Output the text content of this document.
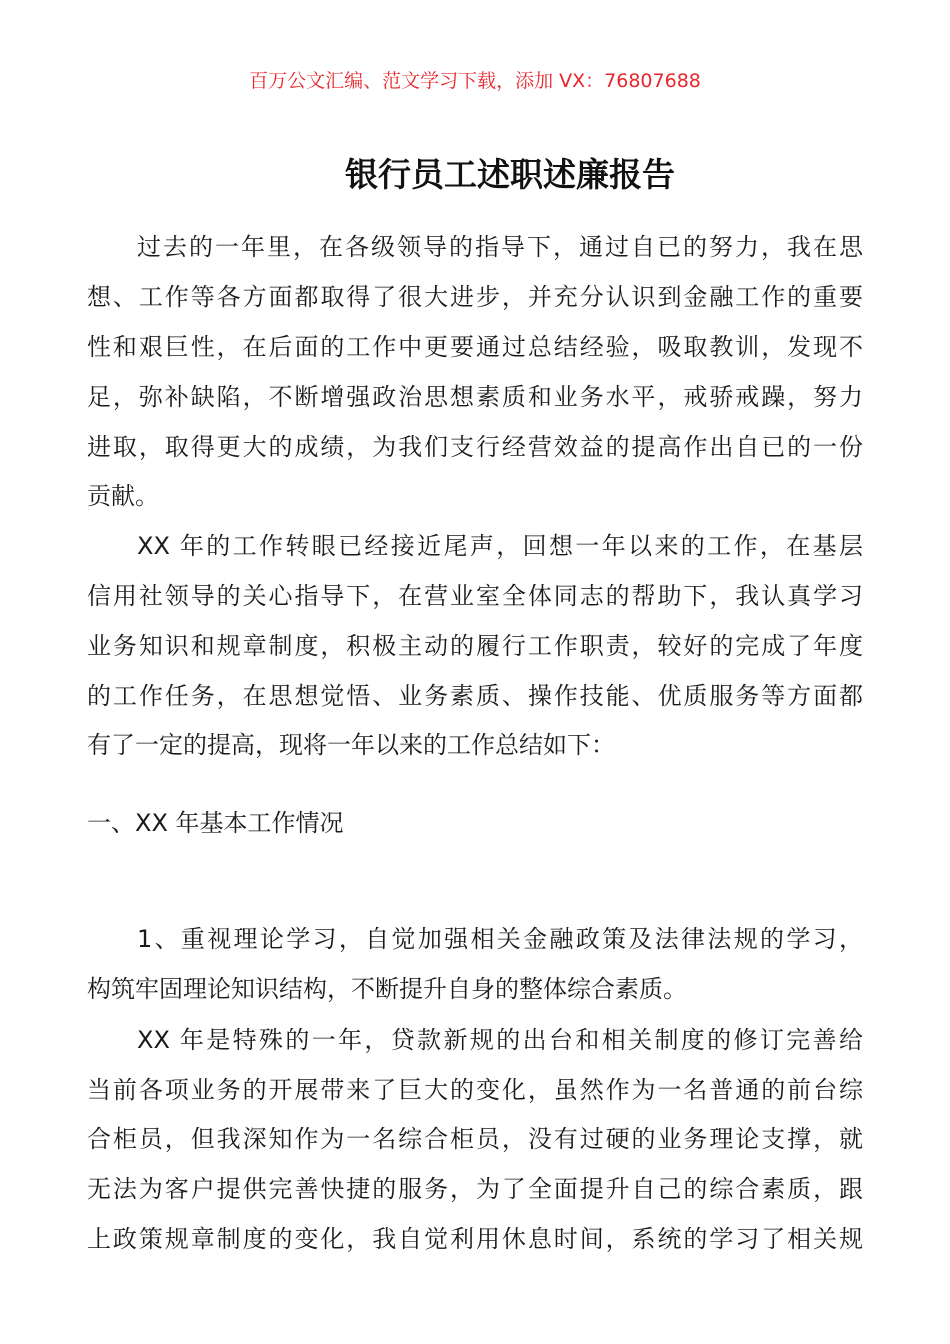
百万公文汇编、范文学习下载，添加 VX：76807688
银行员工述职述廉报告
过去的一年里，在各级领导的指导下，通过自已的努力，我在思
想、工作等各方面都取得了很大进步，并充分认识到金融工作的重要
性和艰巨性，在后面的工作中更要通过总结经验，吸取教训，发现不
足，弥补缺陷，不断增强政治思想素质和业务水平，戒骄戒躁，努力
进取，取得更大的成绩，为我们支行经营效益的提高作出自已的一份
贡献。
XX 年的工作转眼已经接近尾声，回想一年以来的工作，在基层
信用社领导的关心指导下，在营业室全体同志的帮助下，我认真学习
业务知识和规章制度，积极主动的履行工作职责，较好的完成了年度
的工作任务，在思想觉悟、业务素质、操作技能、优质服务等方面都
有了一定的提高，现将一年以来的工作总结如下：
一、XX 年基本工作情况
1、重视理论学习，自觉加强相关金融政策及法律法规的学习，
构筑牢固理论知识结构，不断提升自身的整体综合素质。
XX 年是特殊的一年，贷款新规的出台和相关制度的修订完善给
当前各项业务的开展带来了巨大的变化，虽然作为一名普通的前台综
合柜员，但我深知作为一名综合柜员，没有过硬的业务理论支撑，就
无法为客户提供完善快捷的服务，为了全面提升自己的综合素质，跟
上政策规章制度的变化，我自觉利用休息时间，系统的学习了相关规
